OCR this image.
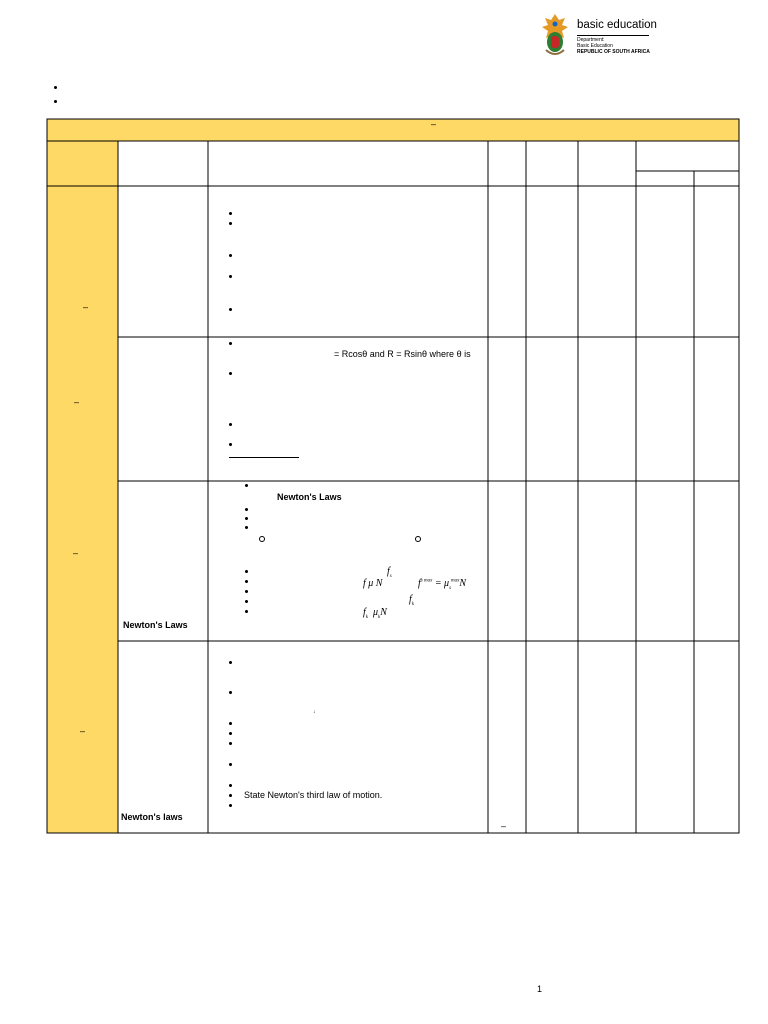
basic education
Department:
Basic Education
REPUBLIC OF SOUTH AFRICA
–
–
–
–
–
= Rcosθ and R = Rsinθ where θ is
Newton's Laws
$f_s$
f μ N	$f^{s max} = \mu_s^{max}N$
$f_k$
$f_k$ $\mu_kN$
Newton's Laws
↓
State Newton's third law of motion.
Newton's laws
–
1
